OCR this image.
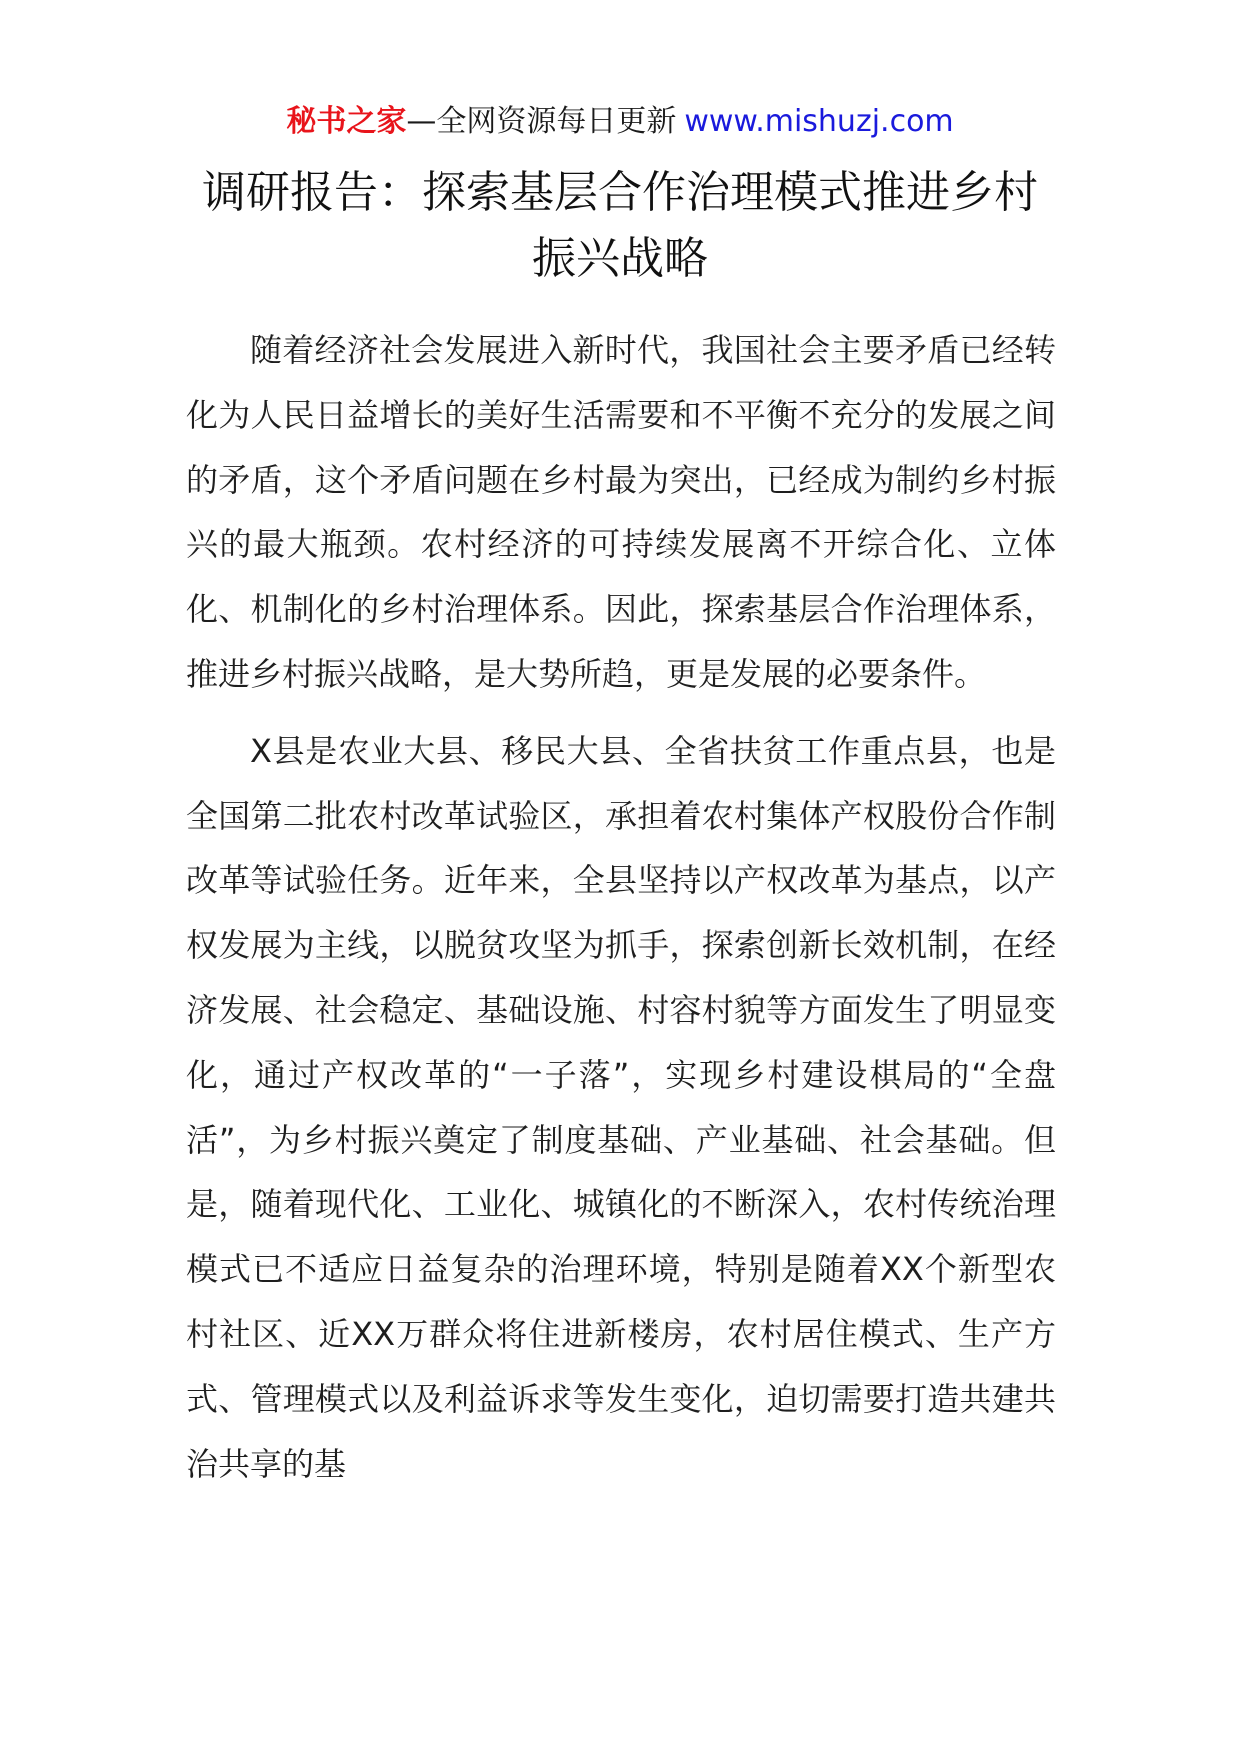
秘书之家—全网资源每日更新 www.mishuzj.com
调研报告：探索基层合作治理模式推进乡村振兴战略

随着经济社会发展进入新时代，我国社会主要矛盾已经转化为人民日益增长的美好生活需要和不平衡不充分的发展之间的矛盾，这个矛盾问题在乡村最为突出，已经成为制约乡村振兴的最大瓶颈。农村经济的可持续发展离不开综合化、立体化、机制化的乡村治理体系。因此，探索基层合作治理体系，推进乡村振兴战略，是大势所趋，更是发展的必要条件。

X县是农业大县、移民大县、全省扶贫工作重点县，也是全国第二批农村改革试验区，承担着农村集体产权股份合作制改革等试验任务。近年来，全县坚持以产权改革为基点，以产权发展为主线，以脱贫攻坚为抓手，探索创新长效机制，在经济发展、社会稳定、基础设施、村容村貌等方面发生了明显变化，通过产权改革的“一子落”，实现乡村建设棋局的“全盘活”，为乡村振兴奠定了制度基础、产业基础、社会基础。但是，随着现代化、工业化、城镇化的不断深入，农村传统治理模式已不适应日益复杂的治理环境，特别是随着XX个新型农村社区、近XX万群众将住进新楼房，农村居住模式、生产方式、管理模式以及利益诉求等发生变化，迫切需要打造共建共治共享的基
